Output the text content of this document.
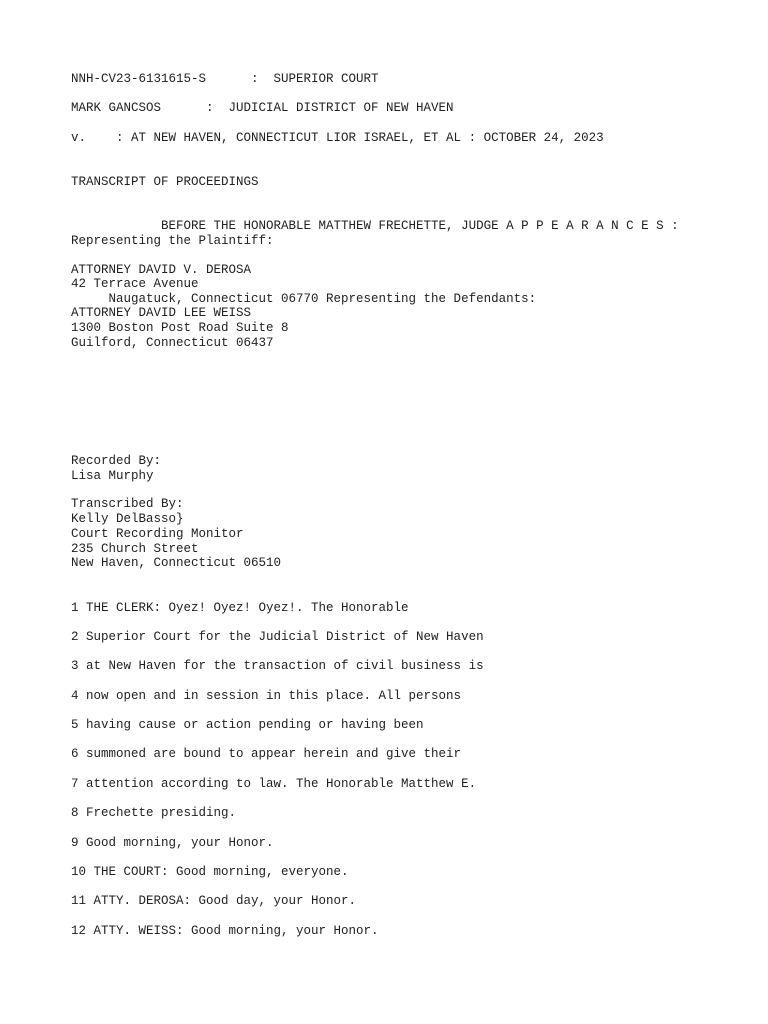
NNH-CV23-6131615-S      :  SUPERIOR COURT
MARK GANCSOS      :  JUDICIAL DISTRICT OF NEW HAVEN
v.    : AT NEW HAVEN, CONNECTICUT LIOR ISRAEL, ET AL : OCTOBER 24, 2023
TRANSCRIPT OF PROCEEDINGS
BEFORE THE HONORABLE MATTHEW FRECHETTE, JUDGE A P P E A R A N C E S :
Representing the Plaintiff:
ATTORNEY DAVID V. DEROSA
42 Terrace Avenue
Naugatuck, Connecticut 06770 Representing the Defendants:
ATTORNEY DAVID LEE WEISS
1300 Boston Post Road Suite 8
Guilford, Connecticut 06437
Recorded By:
Lisa Murphy
Transcribed By:
Kelly DelBasso}
Court Recording Monitor
235 Church Street
New Haven, Connecticut 06510
1 THE CLERK: Oyez! Oyez! Oyez!. The Honorable
2 Superior Court for the Judicial District of New Haven
3 at New Haven for the transaction of civil business is
4 now open and in session in this place. All persons
5 having cause or action pending or having been
6 summoned are bound to appear herein and give their
7 attention according to law. The Honorable Matthew E.
8 Frechette presiding.
9 Good morning, your Honor.
10 THE COURT: Good morning, everyone.
11 ATTY. DEROSA: Good day, your Honor.
12 ATTY. WEISS: Good morning, your Honor.
